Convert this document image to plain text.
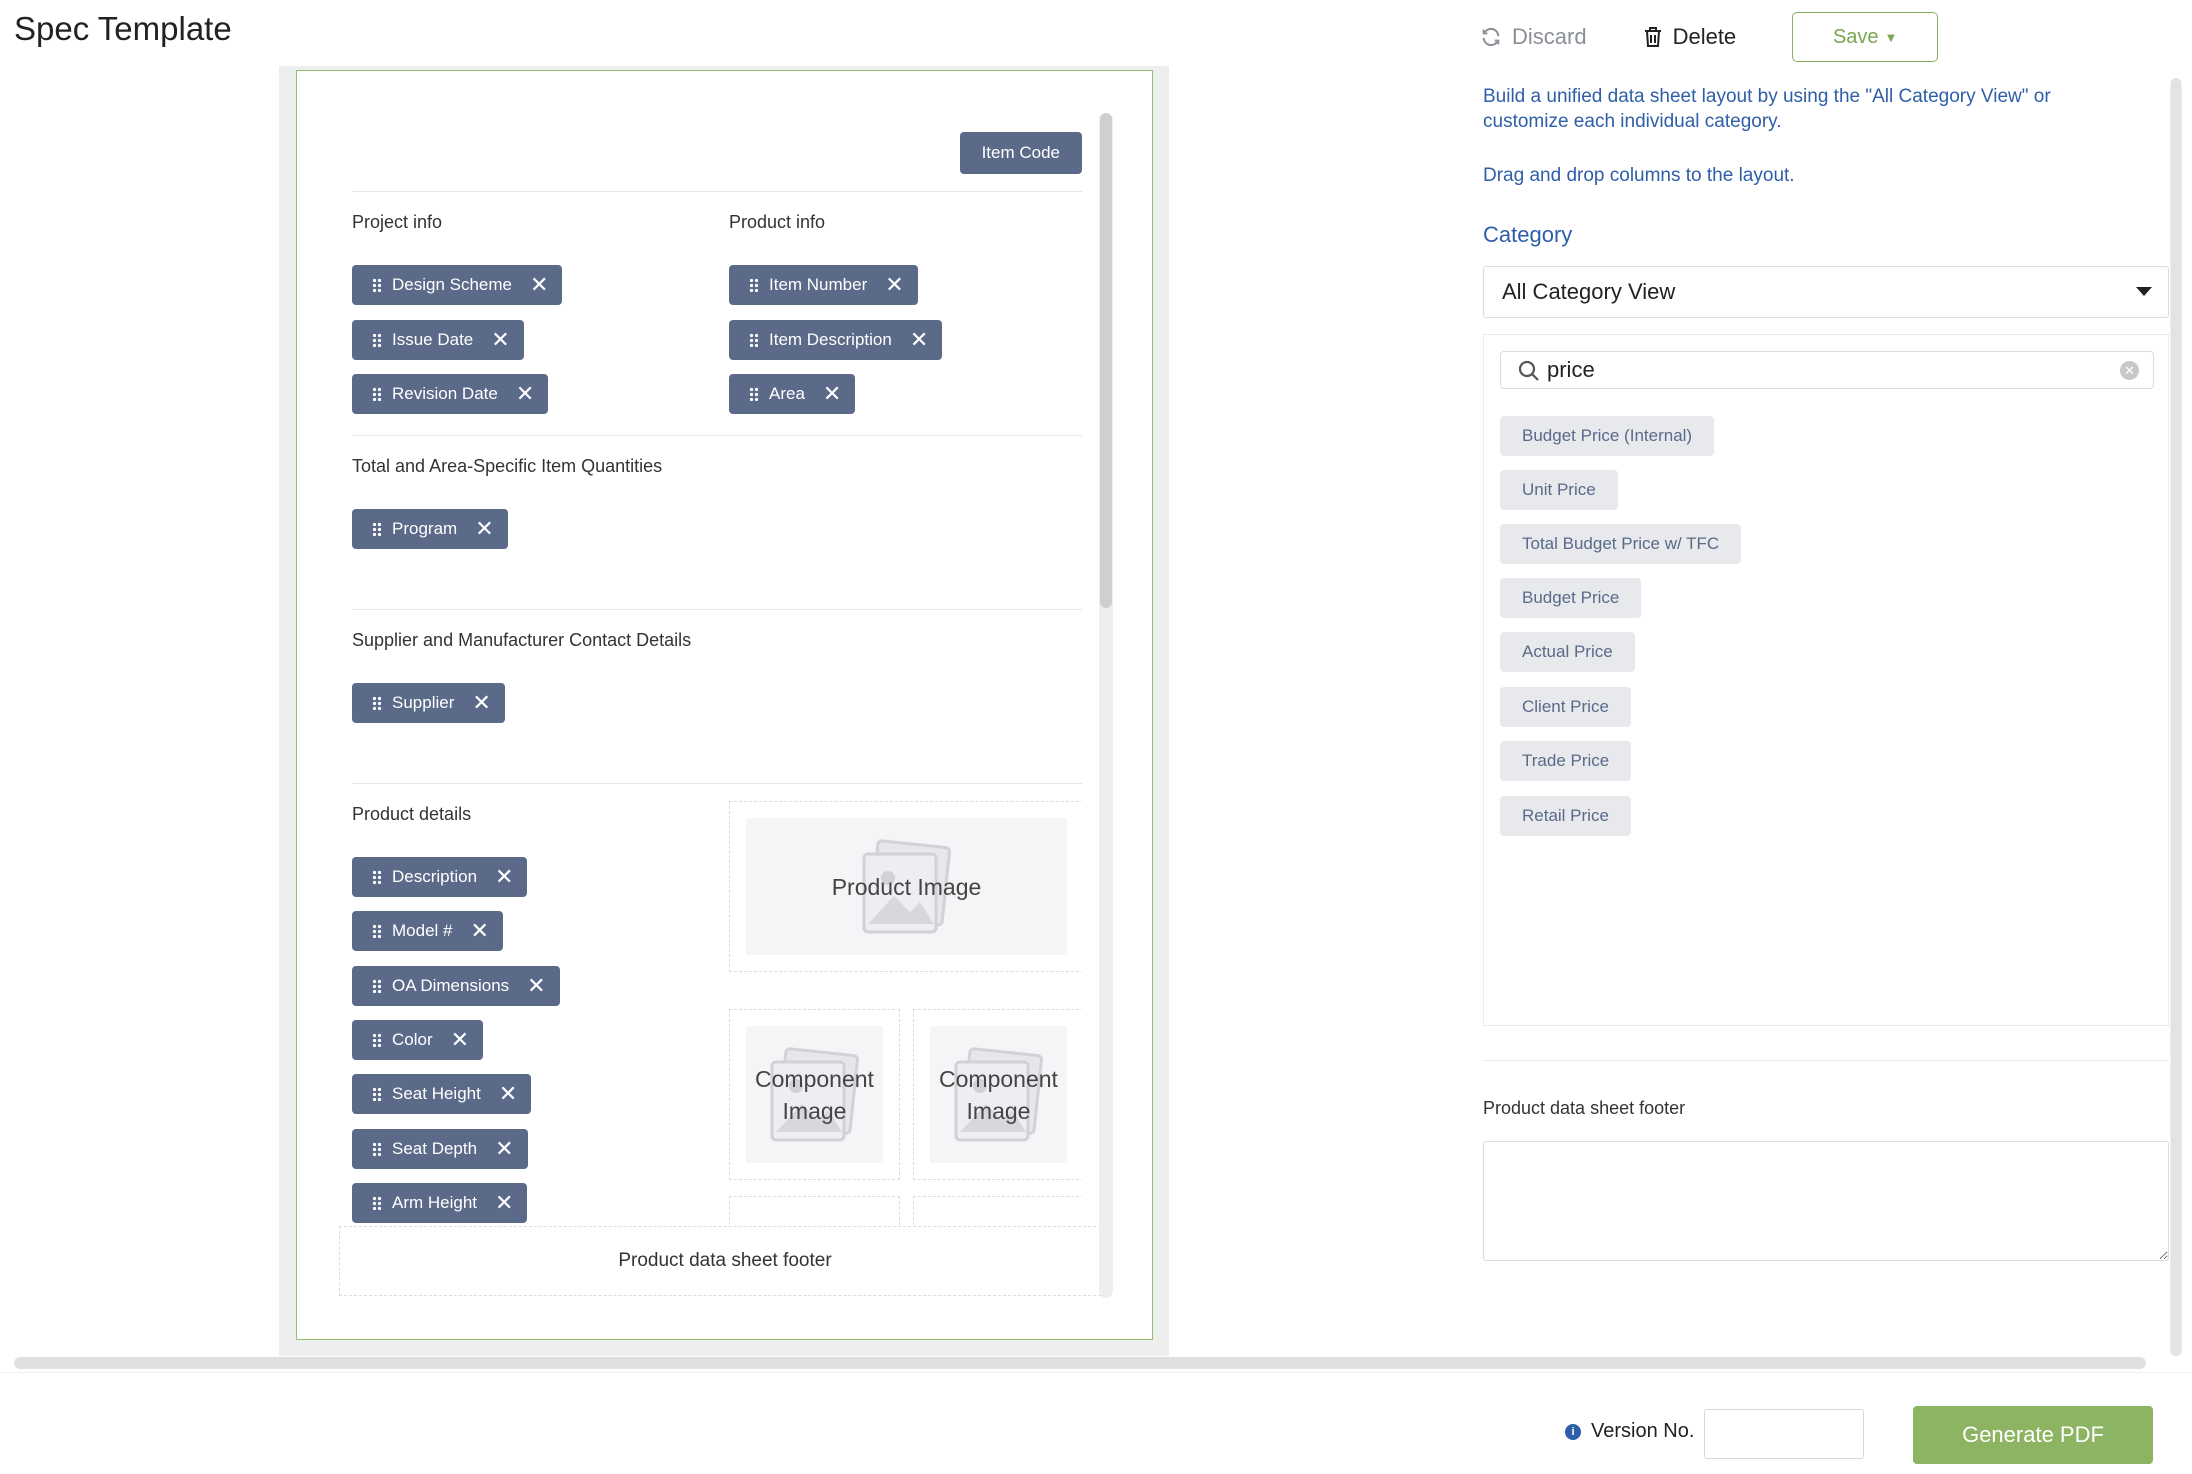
Spec Template	Discard	Delete	Save ▼
Item Code
Project info	Product info
Design Scheme ✕
Issue Date ✕
Revision Date ✕
Item Number ✕
Item Description ✕
Area ✕
Total and Area-Specific Item Quantities
Program ✕
Supplier and Manufacturer Contact Details
Supplier ✕
Product details
Description ✕
Model # ✕
OA Dimensions ✕
Color ✕
Seat Height ✕
Seat Depth ✕
Arm Height ✕
Product Image
Component Image
Component Image
Product data sheet footer
Build a unified data sheet layout by using the "All Category View" or customize each individual category.
Drag and drop columns to the layout.
Category
All Category View
price	✕
Budget Price (Internal)
Unit Price
Total Budget Price w/ TFC
Budget Price
Actual Price
Client Price
Trade Price
Retail Price
Product data sheet footer
i Version No.	Generate PDF
